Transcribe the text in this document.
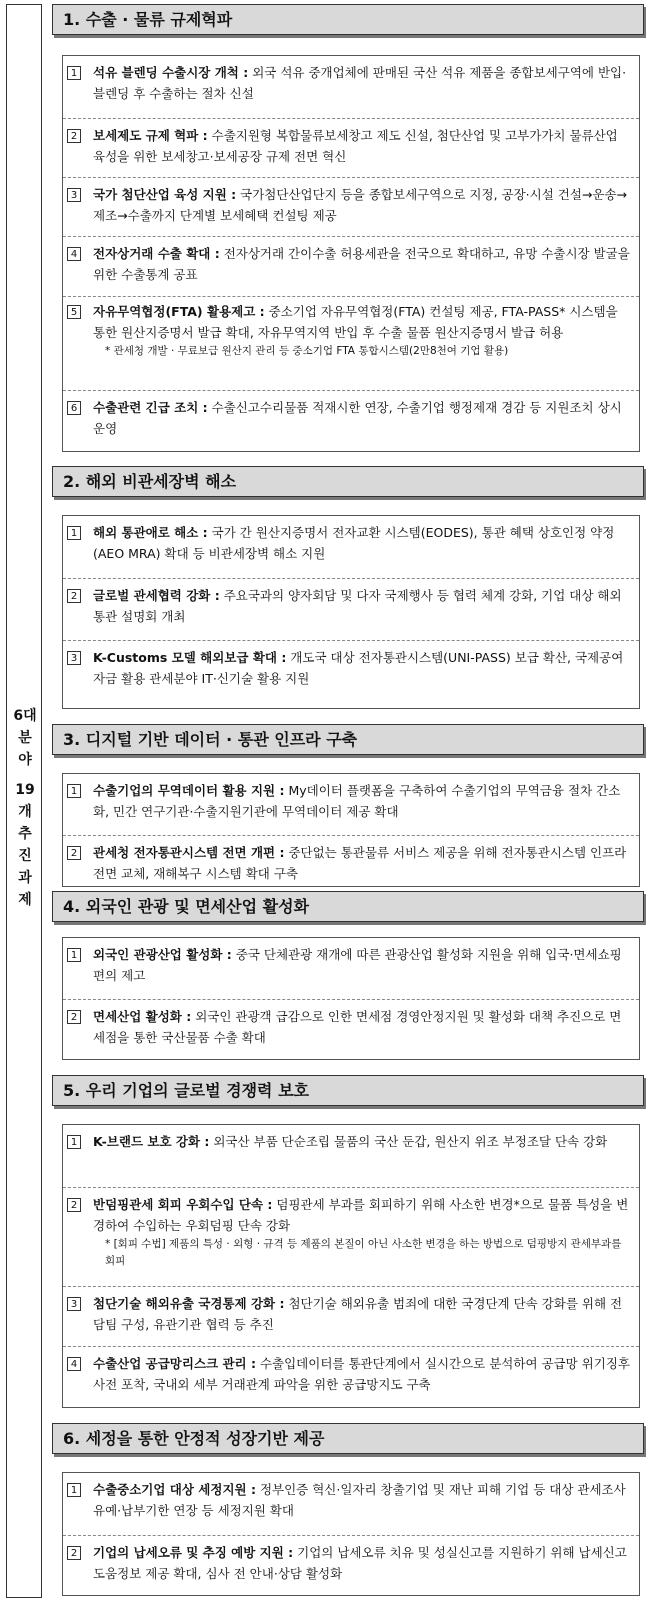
6대 분야
19개 추진 과제
1. 수출 · 물류 규제혁파
1	석유 블렌딩 수출시장 개척 : 외국 석유 중개업체에 판매된 국산 석유 제품을 종합보세구역에 반입·블렌딩 후 수출하는 절차 신설
2	보세제도 규제 혁파 : 수출지원형 복합물류보세창고 제도 신설, 첨단산업 및 고부가가치 물류산업 육성을 위한 보세창고·보세공장 규제 전면 혁신
3	국가 첨단산업 육성 지원 : 국가첨단산업단지 등을 종합보세구역으로 지정, 공장·시설 건설→운송→제조→수출까지 단계별 보세혜택 컨설팅 제공
4	전자상거래 수출 확대 : 전자상거래 간이수출 허용세관을 전국으로 확대하고, 유망 수출시장 발굴을 위한 수출통계 공표
5	자유무역협정(FTA) 활용제고 : 중소기업 자유무역협정(FTA) 컨설팅 제공, FTA-PASS* 시스템을 통한 원산지증명서 발급 확대, 자유무역지역 반입 후 수출 물품 원산지증명서 발급 허용

* 관세청 개발 · 무료보급 원산지 관리 등 중소기업 FTA 통합시스템(2만8천여 기업 활용)

6	수출관련 긴급 조치 : 수출신고수리물품 적재시한 연장, 수출기업 행정제재 경감 등 지원조치 상시 운영
2. 해외 비관세장벽 해소
1	해외 통관애로 해소 : 국가 간 원산지증명서 전자교환 시스템(EODES), 통관 혜택 상호인정 약정(AEO MRA) 확대 등 비관세장벽 해소 지원
2	글로벌 관세협력 강화 : 주요국과의 양자회담 및 다자 국제행사 등 협력 체계 강화, 기업 대상 해외통관 설명회 개최
3	K-Customs 모델 해외보급 확대 : 개도국 대상 전자통관시스템(UNI-PASS) 보급 확산, 국제공여자금 활용 관세분야 IT·신기술 활용 지원
3. 디지털 기반 데이터 · 통관 인프라 구축
1	수출기업의 무역데이터 활용 지원 : My데이터 플랫폼을 구축하여 수출기업의 무역금융 절차 간소화, 민간 연구기관·수출지원기관에 무역데이터 제공 확대
2	관세청 전자통관시스템 전면 개편 : 중단없는 통관물류 서비스 제공을 위해 전자통관시스템 인프라 전면 교체, 재해복구 시스템 확대 구축
4. 외국인 관광 및 면세산업 활성화
1	외국인 관광산업 활성화 : 중국 단체관광 재개에 따른 관광산업 활성화 지원을 위해 입국·면세쇼핑 편의 제고
2	면세산업 활성화 : 외국인 관광객 급감으로 인한 면세점 경영안정지원 및 활성화 대책 추진으로 면세점을 통한 국산물품 수출 확대
5. 우리 기업의 글로벌 경쟁력 보호
1	K-브랜드 보호 강화 : 외국산 부품 단순조립 물품의 국산 둔갑, 원산지 위조 부정조달 단속 강화
2	반덤핑관세 회피 우회수입 단속 : 덤핑관세 부과를 회피하기 위해 사소한 변경*으로 물품 특성을 변경하여 수입하는 우회덤핑 단속 강화

* [회피 수법] 제품의 특성 · 외형 · 규격 등 제품의 본질이 아닌 사소한 변경을 하는 방법으로 덤핑방지 관세부과를 회피

3	첨단기술 해외유출 국경통제 강화 : 첨단기술 해외유출 범죄에 대한 국경단계 단속 강화를 위해 전담팀 구성, 유관기관 협력 등 추진
4	수출산업 공급망리스크 관리 : 수출입데이터를 통관단계에서 실시간으로 분석하여 공급망 위기징후 사전 포착, 국내외 세부 거래관계 파악을 위한 공급망지도 구축
6. 세정을 통한 안정적 성장기반 제공
1	수출중소기업 대상 세정지원 : 정부인증 혁신·일자리 창출기업 및 재난 피해 기업 등 대상 관세조사유예·납부기한 연장 등 세정지원 확대
2	기업의 납세오류 및 추징 예방 지원 : 기업의 납세오류 치유 및 성실신고를 지원하기 위해 납세신고 도움정보 제공 확대, 심사 전 안내·상담 활성화
